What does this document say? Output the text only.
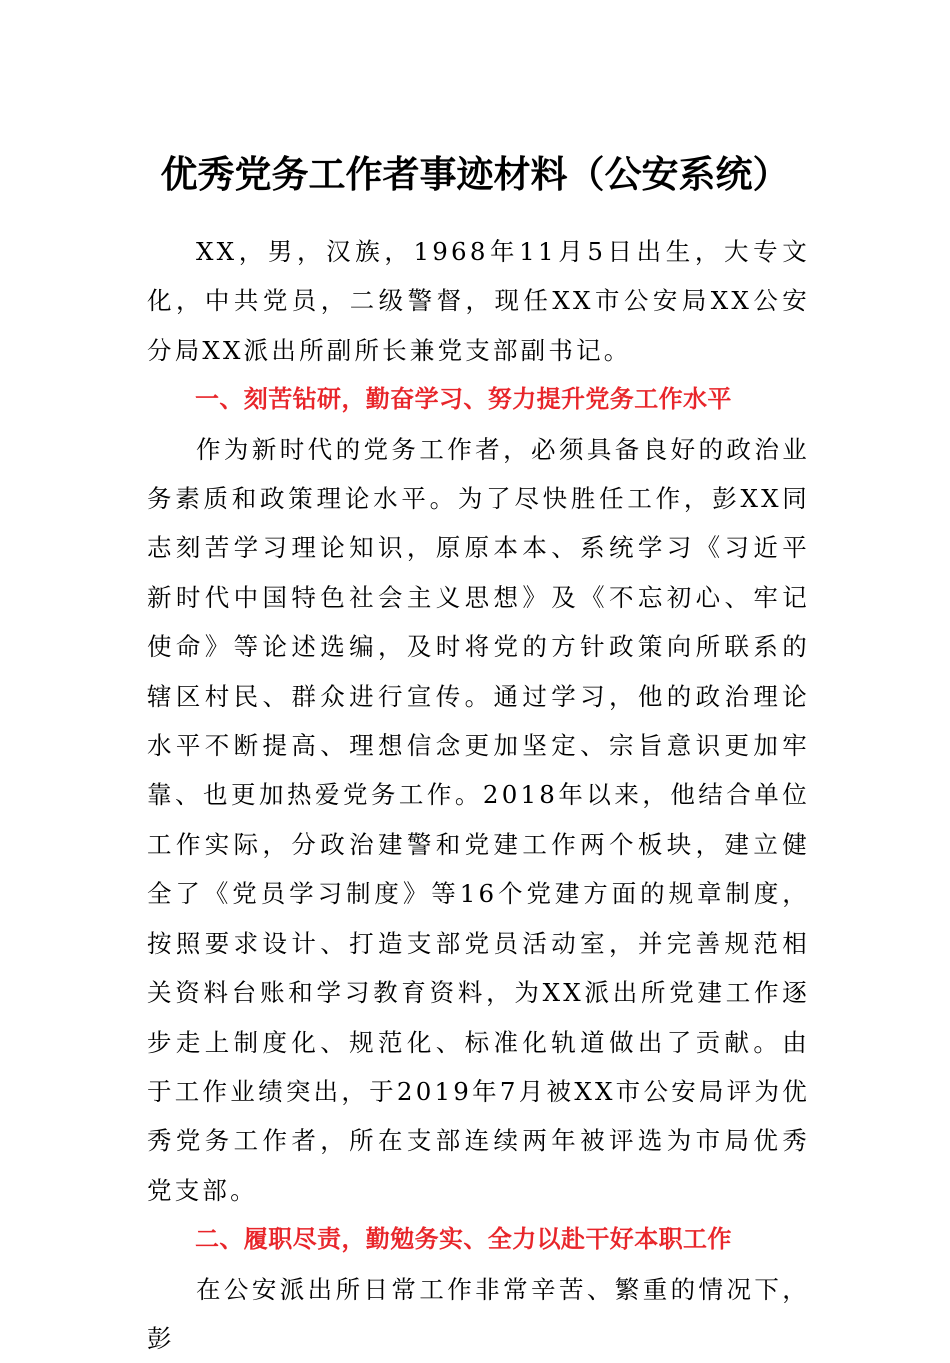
优秀党务工作者事迹材料（公安系统）

XX，男，汉族，1968年11月5日出生，大专文化，中共党员，二级警督，现任XX市公安局XX公安分局XX派出所副所长兼党支部副书记。

一、刻苦钻研，勤奋学习、努力提升党务工作水平

作为新时代的党务工作者，必须具备良好的政治业务素质和政策理论水平。为了尽快胜任工作，彭XX同志刻苦学习理论知识，原原本本、系统学习《习近平新时代中国特色社会主义思想》及《不忘初心、牢记使命》等论述选编，及时将党的方针政策向所联系的辖区村民、群众进行宣传。通过学习，他的政治理论水平不断提高、理想信念更加坚定、宗旨意识更加牢靠、也更加热爱党务工作。2018年以来，他结合单位工作实际，分政治建警和党建工作两个板块，建立健全了《党员学习制度》等16个党建方面的规章制度，按照要求设计、打造支部党员活动室，并完善规范相关资料台账和学习教育资料，为XX派出所党建工作逐步走上制度化、规范化、标准化轨道做出了贡献。由于工作业绩突出，于2019年7月被XX市公安局评为优秀党务工作者，所在支部连续两年被评选为市局优秀党支部。

二、履职尽责，勤勉务实、全力以赴干好本职工作

在公安派出所日常工作非常辛苦、繁重的情况下，彭
